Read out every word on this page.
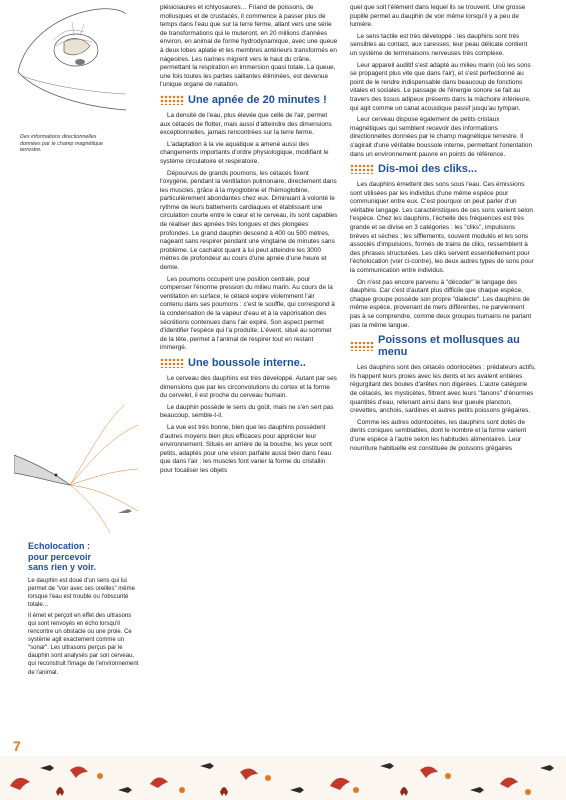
Des informations directionnelles données par le champ magnétique terrestre.

Echolocation :
pour percevoir
sans rien y voir.

Le dauphin est doué d'un sens qui lui permet de "voir avec ses oreilles" même lorsque l'eau est trouble ou l'obscurité totale…

Il émet et perçoit en effet des ultrasons qui sont renvoyés en écho lorsqu'il rencontre un obstacle ou une proie. Ce système agit exactement comme un "sonar". Les ultrasons perçus par le dauphin sont analysés par son cerveau, qui reconstruit l'image de l'environnement de l'animal.

7

plésiosaures et ichtyosaures… Friand de poissons, de mollusques et de crustacés, il commence à passer plus de temps dans l'eau que sur la terre ferme, allant vers une série de transformations qui le muteront, en 20 millions d'années environ, en animal de forme hydrodynamique, avec une queue à deux lobes aplatie et les membres antérieurs transformés en nageoires. Les narines migrent vers le haut du crâne, permettant la respiration en immersion quasi totale. La queue, une fois toutes les parties saillantes éliminées, est devenue l'unique organe de natation.

Une apnée de 20 minutes !

La densité de l'eau, plus élevée que celle de l'air, permet aux cétacés de flotter, mais aussi d'atteindre des dimensions exceptionnelles, jamais rencontrées sur la terre ferme.

L'adaptation à la vie aquatique a amené aussi des changements importants d'ordre physiologique, modifiant le système circulatoire et respiratoire.

Dépourvus de grands poumons, les cétacés fixent l'oxygène, pendant la ventilation pulmonaire, directement dans les muscles, grâce à la myoglobine et l'hémoglobine, particulièrement abondantes chez eux. Diminuant à volonté le rythme de leurs battements cardiaques et établissant une circulation courte entre le cœur et le cerveau, ils sont capables de réaliser des apnées très longues et des plongées profondes. Le grand dauphin descend à 400 ou 500 mètres, nageant sans respirer pendant une vingtaine de minutes sans problème. Le cachalot quant à lui peut atteindre les 3000 mètres de profondeur au cours d'une apnée d'une heure et demie.

Les poumons occupent une position centrale, pour compenser l'énorme pression du milieu marin. Au cours de la ventilation en surface, le cétacé expire violemment l'air contenu dans ses poumons : c'est le souffle, qui correspond à la condensation de la vapeur d'eau et à la vaporisation des sécrétions contenues dans l'air expiré. Son aspect permet d'identifier l'espèce qui l'a produite. L'évent, situé au sommet de la tête, permet à l'animal de respirer tout en restant immergé.

Une boussole interne..

Le cerveau des dauphins est très développé. Autant par ses dimensions que par les circonvolutions du cortex et la forme du cervelet, il est proche du cerveau humain.

Le dauphin possède le sens du goût, mais ne s'en sert pas beaucoup, semble-t-il.

La vue est très bonne, bien que les dauphins possèdent d'autres moyens bien plus efficaces pour apprécier leur environnement. Situés en arrière de la bouche, les yeux sont petits, adaptés pour une vision parfaite aussi bien dans l'eau que dans l'air : les muscles font varier la forme du cristallin pour focaliser les objets

quel que soit l'élément dans lequel ils se trouvent. Une grosse pupille permet au dauphin de voir même lorsqu'il y a peu de lumière.

Le sens tactile est très développé : les dauphins sont très sensibles au contact, aux caresses; leur peau délicate contient un système de terminaisons nerveuses très complexe.

Leur appareil auditif s'est adapté au milieu marin (où les sons se propagent plus vite que dans l'air), et s'est perfectionné au point de le rendre indispensable dans beaucoup de fonctions vitales et sociales. Le passage de l'énergie sonore se fait au travers des tissus adipeux présents dans la mâchoire inférieure, qui agit comme un canal acoustique passif jusqu'au tympan.

Leur cerveau dispose également de petits cristaux magnétiques qui semblent recevoir des informations directionnelles données par le champ magnétique terrestre. Il s'agirait d'une véritable boussole interne, permettant l'orientation dans un environnement pauvre en points de référence.

Dis-moi des cliks...

Les dauphins émettent des sons sous l'eau. Ces émissions sont utilisées par les individus d'une même espèce pour communiquer entre eux. C'est pourquoi on peut parler d'un véritable langage. Les caractéristiques de ces sons varient selon l'espèce. Chez les dauphins, l'échelle des fréquences est très grande et se divise en 3 catégories : les "cliks", impulsions brèves et sèches ; les sifflements, souvent modulés et les sons associés d'impulsions, formés de trains de cliks, ressemblent à des phrases structurées. Les cliks servent essentiellement pour l'écholocation (voir ci-contre), les deux autres types de sons pour la communication entre individus.

On n'est pas encore parvenu à "décoder" le langage des dauphins. Car c'est d'autant plus difficile que chaque espèce, chaque groupe possède son propre "dialecte". Les dauphins de même espèce, provenant de mers différentes, ne parviennent pas à se comprendre, comme deux groupes humains ne parlant pas la même langue.

Poissons et mollusques au menu

Les dauphins sont des cétacés odontocètes : prédateurs actifs, ils happent leurs proies avec les dents et les avalent entières régurgitant des boules d'arêtes non digérées. L'autre catégorie de cétacés, les mysticètes, filtrent avec leurs "fanons" d'énormes quantités d'eau, retenant ainsi dans leur gueule plancton, crevettes, anchois, sardines et autres petits poissons grégaires.

Comme les autres odontocètes, les dauphins sont dotés de dents coniques semblables, dont le nombre et la forme varient d'une espèce à l'autre selon les habitudes alimentaires. Leur nourriture habituelle est constituée de poissons grégaires
